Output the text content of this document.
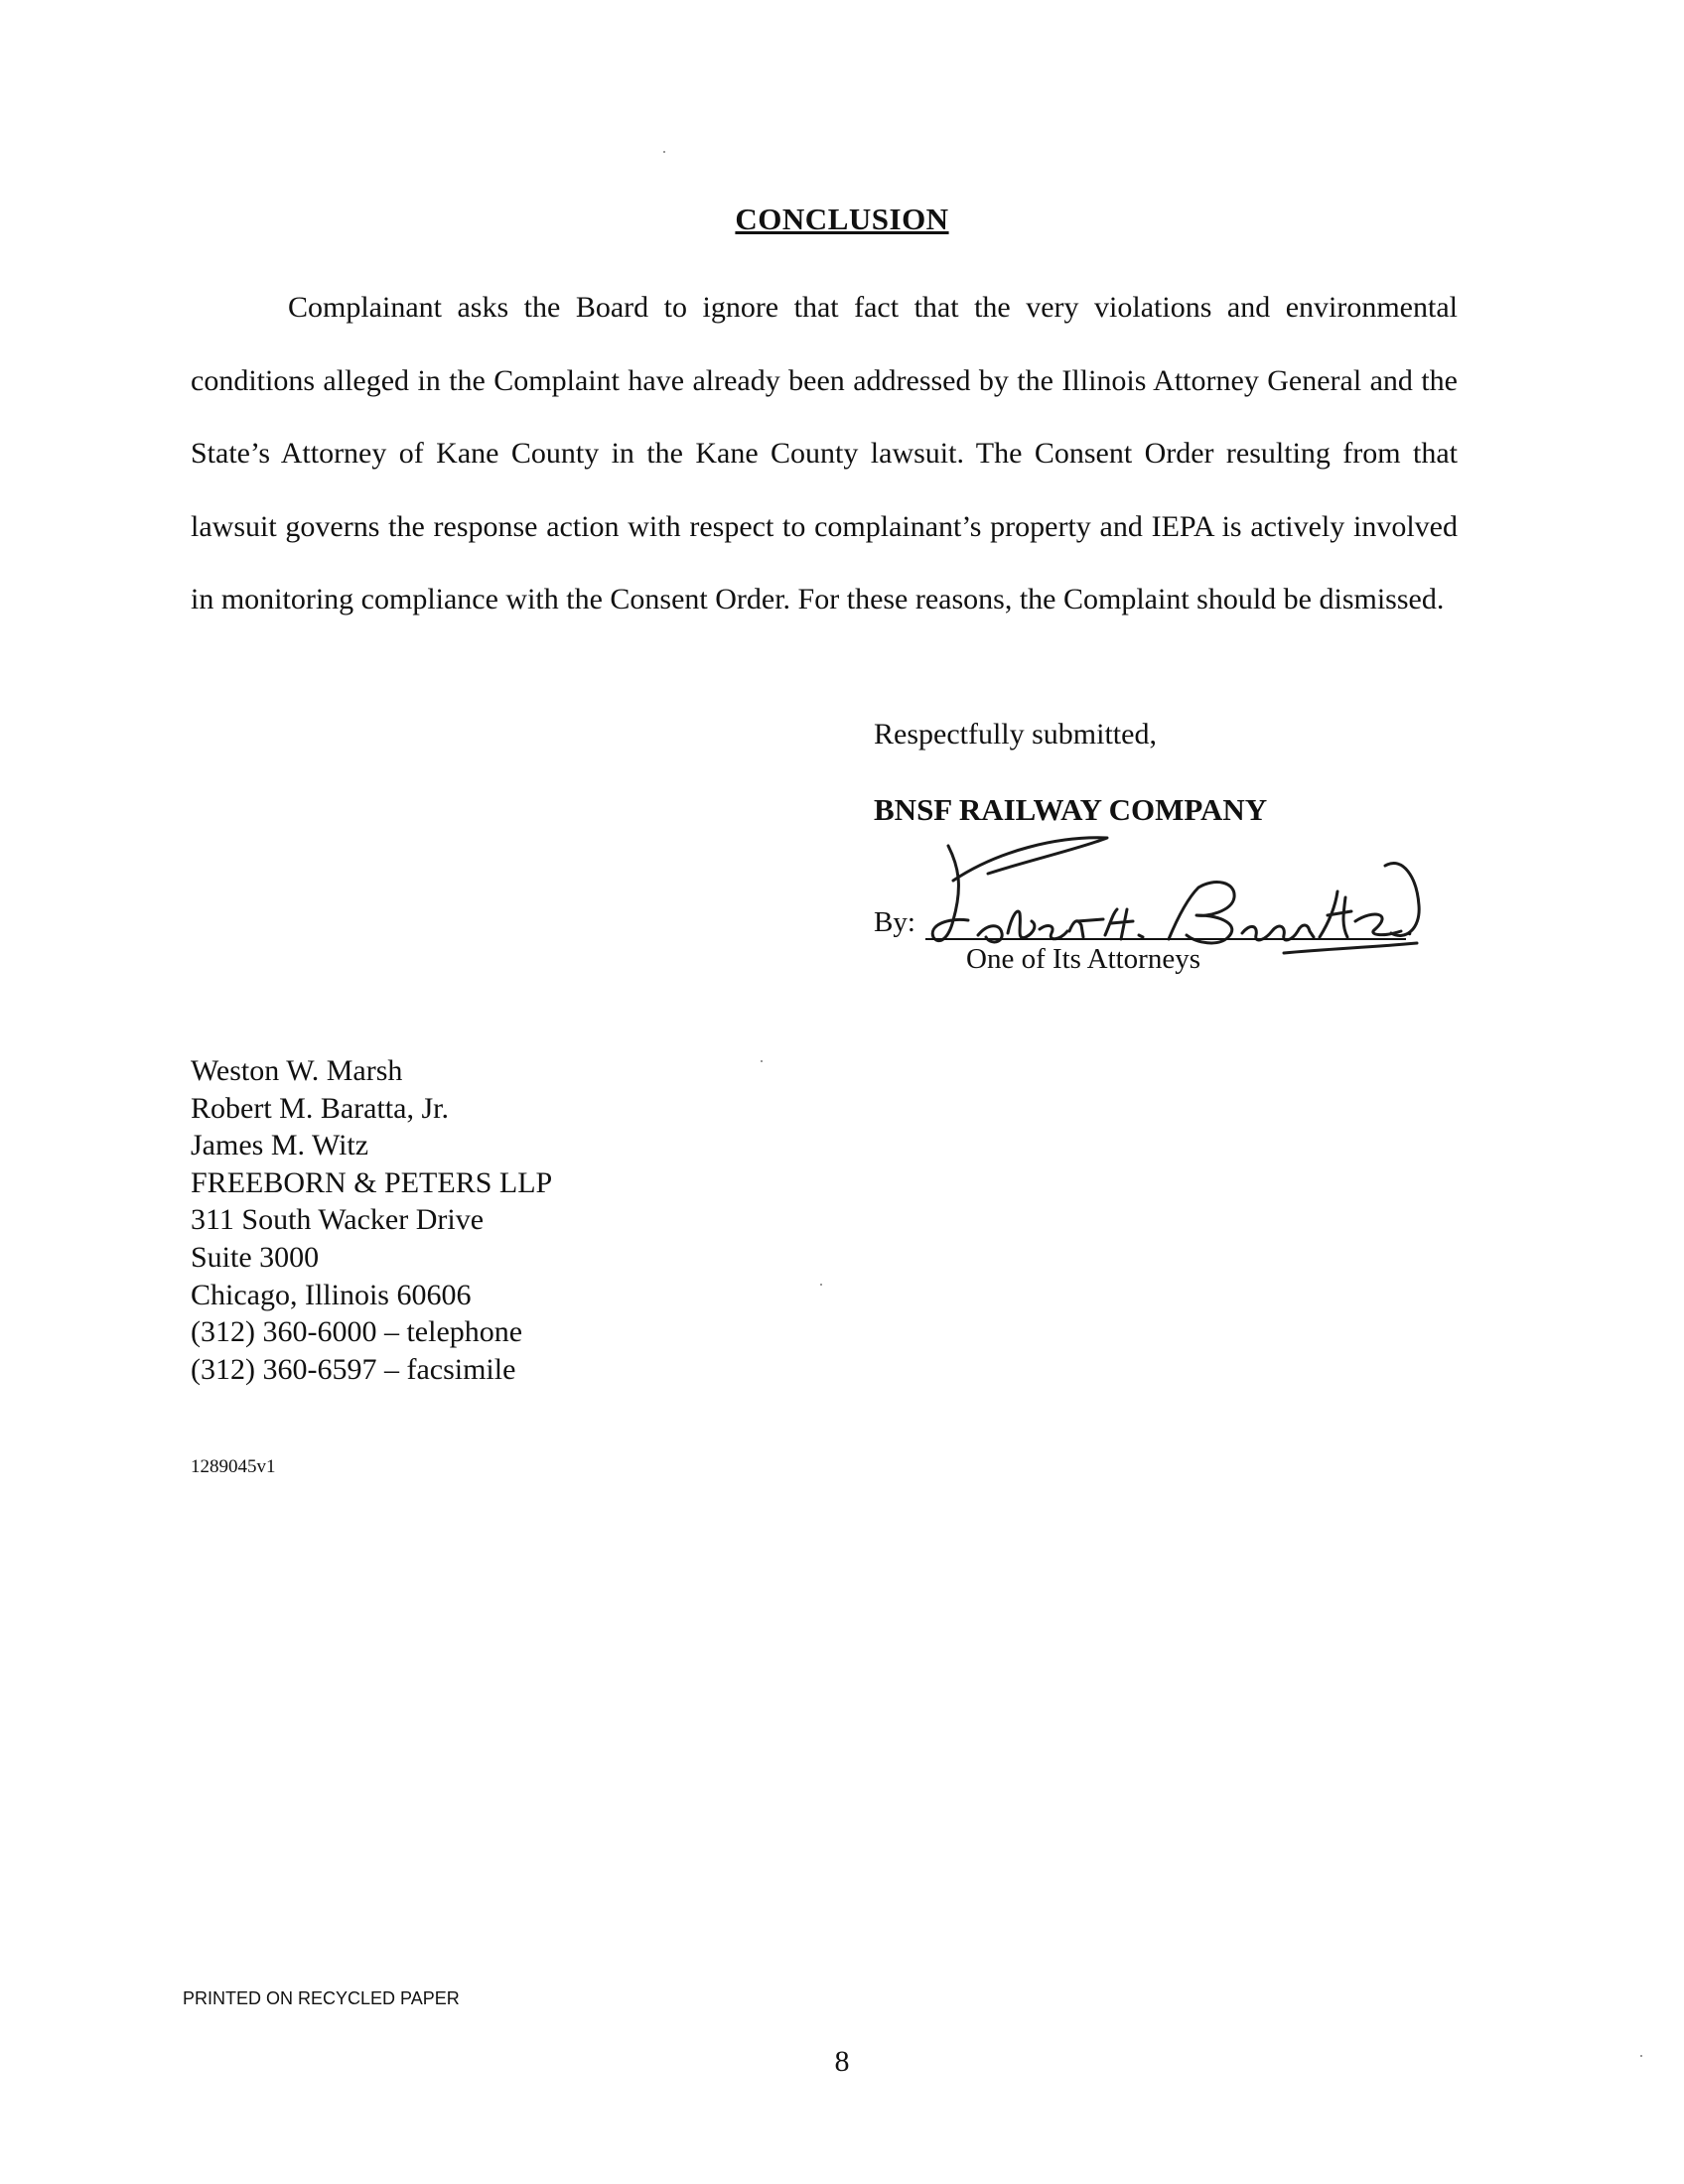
CONCLUSION

Complainant asks the Board to ignore that fact that the very violations and environmental conditions alleged in the Complaint have already been addressed by the Illinois Attorney General and the State’s Attorney of Kane County in the Kane County lawsuit. The Consent Order resulting from that lawsuit governs the response action with respect to complainant’s property and IEPA is actively involved in monitoring compliance with the Consent Order. For these reasons, the Complaint should be dismissed.

Respectfully submitted,
BNSF RAILWAY COMPANY
Robert M. Baratta Jr.
By:	.
One of Its Attorneys
Weston W. Marsh
Robert M. Baratta, Jr.
James M. Witz
FREEBORN & PETERS LLP
311 South Wacker Drive
Suite 3000
Chicago, Illinois 60606
(312) 360-6000 – telephone
(312) 360-6597 – facsimile
1289045v1
PRINTED ON RECYCLED PAPER
8
